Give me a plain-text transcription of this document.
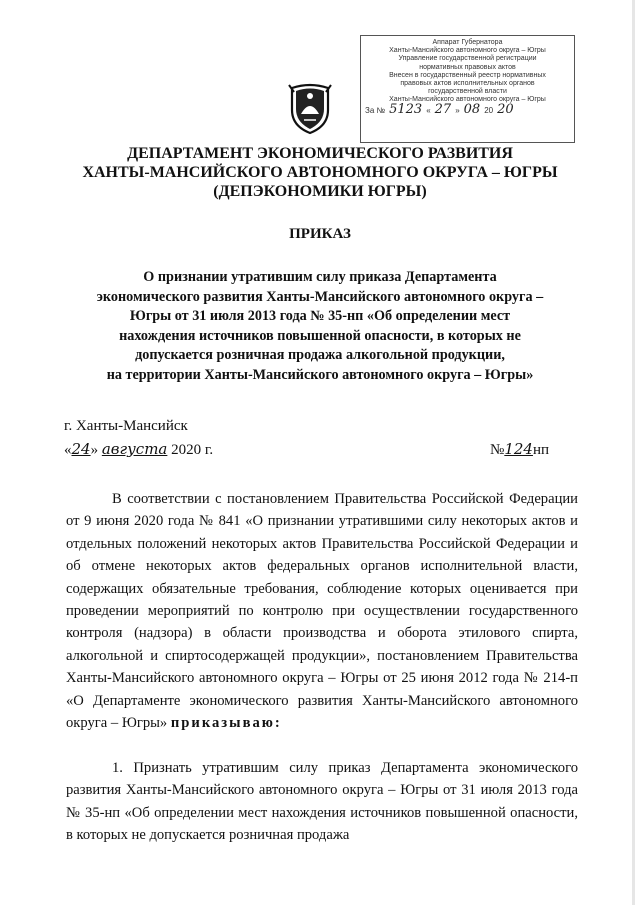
Аппарат Губернатора
Ханты-Мансийского автономного округа – Югры
Управление государственной регистрации
нормативных правовых актов
Внесен в государственный реестр нормативных
правовых актов исполнительных органов
государственной власти
Ханты-Мансийского автономного округа – Югры
За № 5123 « 27 » 08 20 20
ДЕПАРТАМЕНТ ЭКОНОМИЧЕСКОГО РАЗВИТИЯ
ХАНТЫ-МАНСИЙСКОГО АВТОНОМНОГО ОКРУГА – ЮГРЫ
(ДЕПЭКОНОМИКИ ЮГРЫ)
ПРИКАЗ
О признании утратившим силу приказа Департамента
экономического развития Ханты-Мансийского автономного округа –
Югры от 31 июля 2013 года № 35-нп «Об определении мест
нахождения источников повышенной опасности, в которых не
допускается розничная продажа алкогольной продукции,
на территории Ханты-Мансийского автономного округа – Югры»
г. Ханты-Мансийск
«24» августа 2020 г.	№124нп
В соответствии с постановлением Правительства Российской Федерации от 9 июня 2020 года № 841 «О признании утратившими силу некоторых актов и отдельных положений некоторых актов Правительства Российской Федерации и об отмене некоторых актов федеральных органов исполнительной власти, содержащих обязательные требования, соблюдение которых оценивается при проведении мероприятий по контролю при осуществлении государственного контроля (надзора) в области производства и оборота этилового спирта, алкогольной и спиртосодержащей продукции», постановлением Правительства Ханты-Мансийского автономного округа – Югры от 25 июня 2012 года № 214-п «О Департаменте экономического развития Ханты-Мансийского автономного округа – Югры» приказываю:
1. Признать утратившим силу приказ Департамента экономического развития Ханты-Мансийского автономного округа – Югры от 31 июля 2013 года № 35-нп «Об определении мест нахождения источников повышенной опасности, в которых не допускается розничная продажа
